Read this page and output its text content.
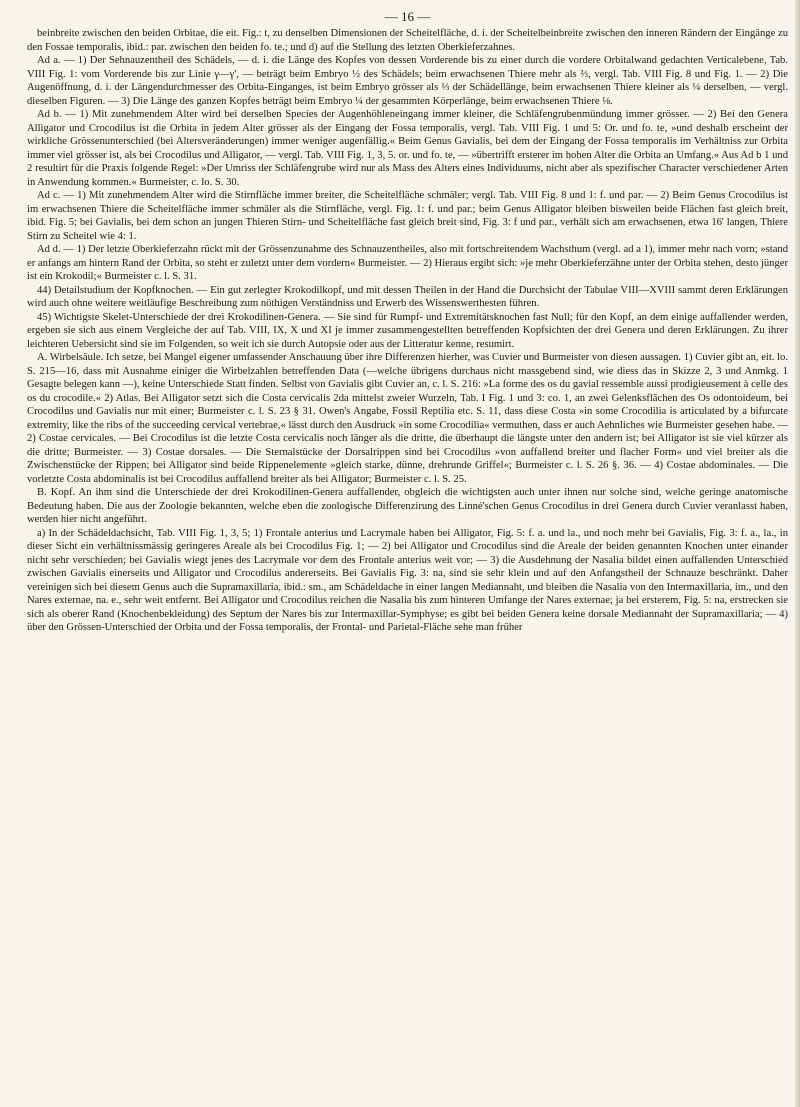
— 16 —

beinbreite zwischen den beiden Orbitae, die eit. Fig.: t, zu denselben Dimensionen der Scheitelfläche, d. i. der Scheitelbeinbreite zwischen den inneren Rändern der Eingänge zu den Fossae temporalis, ibid.: par. zwischen den beiden fo. te.; und d) auf die Stellung des letzten Oberkieferzahnes.

Ad a. — 1) Der Sehnauzentheil des Schädels, — d. i. die Länge des Kopfes von dessen Vorderende bis zu einer durch die vordere Orbitalwand gedachten Verticalebene, Tab. VIII Fig. 1: vom Vorderende bis zur Linie γ—γ', — beträgt beim Embryo ½ des Schädels; beim erwachsenen Thiere mehr als ⅔, vergl. Tab. VIII Fig. 8 und Fig. 1. — 2) Die Augenöffnung, d. i. der Längendurchmesser des Orbita-Einganges, ist beim Embryo grösser als ⅓ der Schädellänge, beim erwachsenen Thiere kleiner als ¼ derselben, — vergl. dieselben Figuren. — 3) Die Länge des ganzen Kopfes beträgt beim Embryo ¼ der gesammten Körperlänge, beim erwachsenen Thiere ⅛.

Ad b. — 1) Mit zunehmendem Alter wird bei derselben Species der Augenhöhleneingang immer kleiner, die Schläfengrubenmündung immer grösser. — 2) Bei den Genera Alligator und Crocodilus ist die Orbita in jedem Alter grösser als der Eingang der Fossa temporalis, vergl. Tab. VIII Fig. 1 und 5: Or. und fo. te, »und deshalb erscheint der wirkliche Grössenunterschied (bei Altersveränderungen) immer weniger augenfällig.« Beim Genus Gavialis, bei dem der Eingang der Fossa temporalis im Verhältniss zur Orbita immer viel grösser ist, als bei Crocodilus und Alligator, — vergl. Tab. VIII Fig. 1, 3, 5. or. und fo. te, — »übertrifft ersterer im hohen Alter die Orbita an Umfang.« Aus Ad b 1 und 2 resultirt für die Praxis folgende Regel: »Der Umriss der Schläfengrube wird nur als Mass des Alters eines Individuums, nicht aber als spezifischer Character verschiedener Arten in Anwendung kommen.« Burmeister, c. lo. S. 30.

Ad c. — 1) Mit zunehmendem Alter wird die Stirnfläche immer breiter, die Scheitelfläche schmäler; vergl. Tab. VIII Fig. 8 und 1: f. und par. — 2) Beim Genus Crocodilus ist im erwachsenen Thiere die Scheitelfläche immer schmäler als die Stirnfläche, vergl. Fig. 1: f. und par.; beim Genus Alligator bleiben bisweilen beide Flächen fast gleich breit, ibid. Fig. 5; bei Gavialis, bei dem schon an jungen Thieren Stirn- und Scheitelfläche fast gleich breit sind, Fig. 3: f und par., verhält sich am erwachsenen, etwa 16' langen, Thiere Stirn zu Scheitel wie 4: 1.

Ad d. — 1) Der letzte Oberkieferzahn rückt mit der Grössenzunahme des Schnauzentheiles, also mit fortschreitendem Wachsthum (vergl. ad a 1), immer mehr nach vorn; »stand er anfangs am hintern Rand der Orbita, so steht er zuletzt unter dem vordern« Burmeister. — 2) Hieraus ergibt sich: »je mehr Oberkieferzähne unter der Orbita stehen, desto jünger ist ein Krokodil;« Burmeister c. l. S. 31.

44) Detailstudium der Kopfknochen. — Ein gut zerlegter Krokodilkopf, und mit dessen Theilen in der Hand die Durchsicht der Tabulae VIII—XVIII sammt deren Erklärungen wird auch ohne weitere weitläufige Beschreibung zum nöthigen Verständniss und Erwerb des Wissenswerthesten führen.

45) Wichtigste Skelet-Unterschiede der drei Krokodilinen-Genera. — Sie sind für Rumpf- und Extremitätsknochen fast Null; für den Kopf, an dem einige auffallender werden, ergeben sie sich aus einem Vergleiche der auf Tab. VIII, IX, X und XI je immer zusammengestellten betreffenden Kopfsichten der drei Genera und deren Erklärungen. Zu ihrer leichteren Uebersicht sind sie im Folgenden, so weit ich sie durch Autopsie oder aus der Litteratur kenne, resumirt.

A. Wirbelsäule. Ich setze, bei Mangel eigener umfassender Anschauung über ihre Differenzen hierher, was Cuvier und Burmeister von diesen aussagen. 1) Cuvier gibt an, eit. lo. S. 215—16, dass mit Ausnahme einiger die Wirbelzahlen betreffenden Data (—welche übrigens durchaus nicht massgebend sind, wie diess das in Skizze 2, 3 und Anmkg. 1 Gesagte belegen kann —), keine Unterschiede Statt finden. Selbst von Gavialis gibt Cuvier an, c. l. S. 216: »La forme des os du gavial ressemble aussi prodigieusement à celle des os du crocodile.« 2) Atlas. Bei Alligator setzt sich die Costa cervicalis 2da mittelst zweier Wurzeln, Tab. I Fig. 1 und 3: co. 1, an zwei Gelenksflächen des Os odontoideum, bei Crocodilus und Gavialis nur mit einer; Burmeister c. l. S. 23 § 31. Owen's Angabe, Fossil Reptilia etc. S. 11, dass diese Costa »in some Crocodilia is articulated by a bifurcate extremity, like the ribs of the succeeding cervical vertebrae,« lässt durch den Ausdruck »in some Crocodilia« vermuthen, dass er auch Aehnliches wie Burmeister gesehen habe. — 2) Costae cervicales. — Bei Crocodilus ist die letzte Costa cervicalis noch länger als die dritte, die überhaupt die längste unter den andern ist; bei Alligator ist sie viel kürzer als die dritte; Burmeister. — 3) Costae dorsales. — Die Sternalstücke der Dorsalrippen sind bei Crocodilus »von auffallend breiter und flacher Form« und viel breiter als die Zwischenstücke der Rippen; bei Alligator sind beide Rippenelemente »gleich starke, dünne, drehrunde Griffel«; Burmeister c. l. S. 26 §. 36. — 4) Costae abdominales. — Die vorletzte Costa abdominalis ist bei Crocodilus auffallend breiter als bei Alligator; Burmeister c. l. S. 25.

B. Kopf. An ihm sind die Unterschiede der drei Krokodilinen-Genera auffallender, obgleich die wichtigsten auch unter ihnen nur solche sind, welche geringe anatomische Bedeutung haben. Die aus der Zoologie bekannten, welche eben die zoologische Differenzirung des Linné'schen Genus Crocodilus in drei Genera durch Cuvier veranlasst haben, werden hier nicht angeführt.

a) In der Schädeldachsicht, Tab. VIII Fig. 1, 3, 5; 1) Frontale anterius und Lacrymale haben bei Alligator, Fig. 5: f. a. und la., und noch mehr bei Gavialis, Fig. 3: f. a., la., in dieser Sicht ein verhältnissmässig geringeres Areale als bei Crocodilus Fig. 1; — 2) bei Alligator und Crocodilus sind die Areale der beiden genannten Knochen unter einander nicht sehr verschieden; bei Gavialis wiegt jenes des Lacrymale vor dem des Frontale anterius weit vor; — 3) die Ausdehnung der Nasalia bildet einen auffallenden Unterschied zwischen Gavialis einerseits und Alligator und Crocodilus andererseits. Bei Gavialis Fig. 3: na, sind sie sehr klein und auf den Anfangstheil der Schnauze beschränkt. Daher vereinigen sich bei diesem Genus auch die Supramaxillaria, ibid.: sm., am Schädeldache in einer langen Mediannaht, und bleiben die Nasalia von den Intermaxillaria, im., und den Nares externae, na. e., sehr weit entfernt. Bei Alligator und Crocodilus reichen die Nasalia bis zum hinteren Umfange der Nares externae; ja bei ersterem, Fig. 5: na, erstrecken sie sich als oberer Rand (Knochenbekleidung) des Septum der Nares bis zur Intermaxillar-Symphyse; es gibt bei beiden Genera keine dorsale Mediannaht der Supramaxillaria; — 4) über den Grössen-Unterschied der Orbita und der Fossa temporalis, der Frontal- und Parietal-Fläche sehe man früher
